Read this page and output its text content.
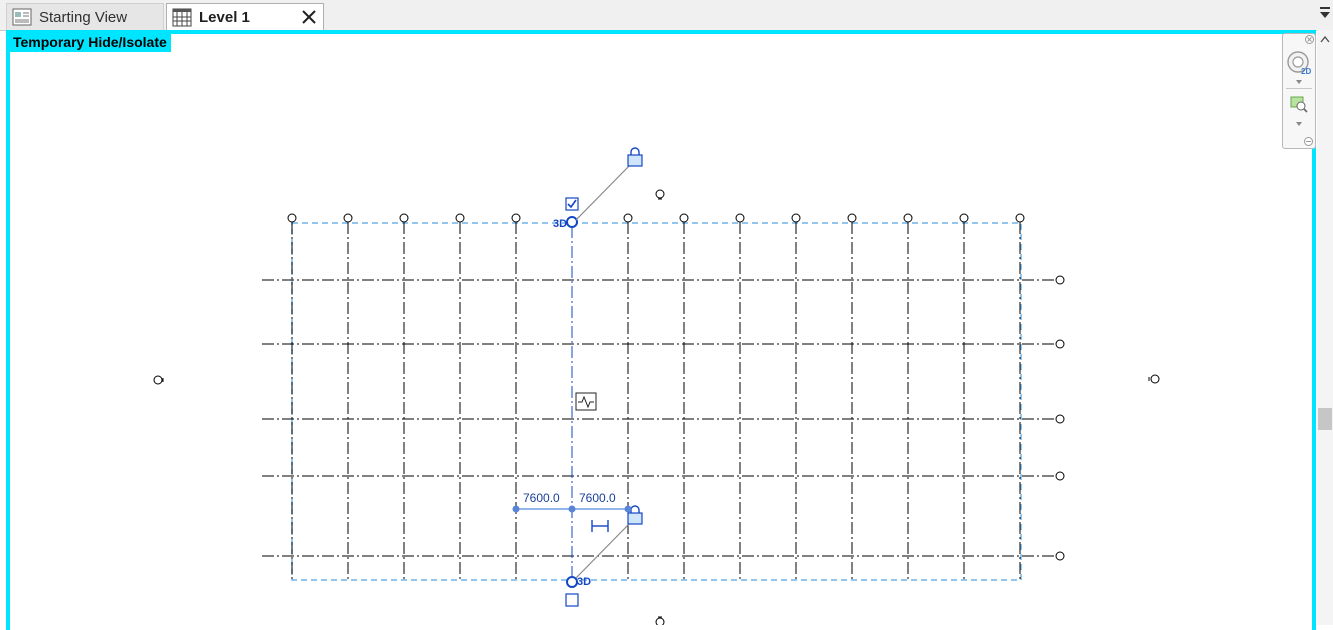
Starting View	Level 1
Temporary Hide/Isolate
3D
3D
7600.0 7600.0
2D
